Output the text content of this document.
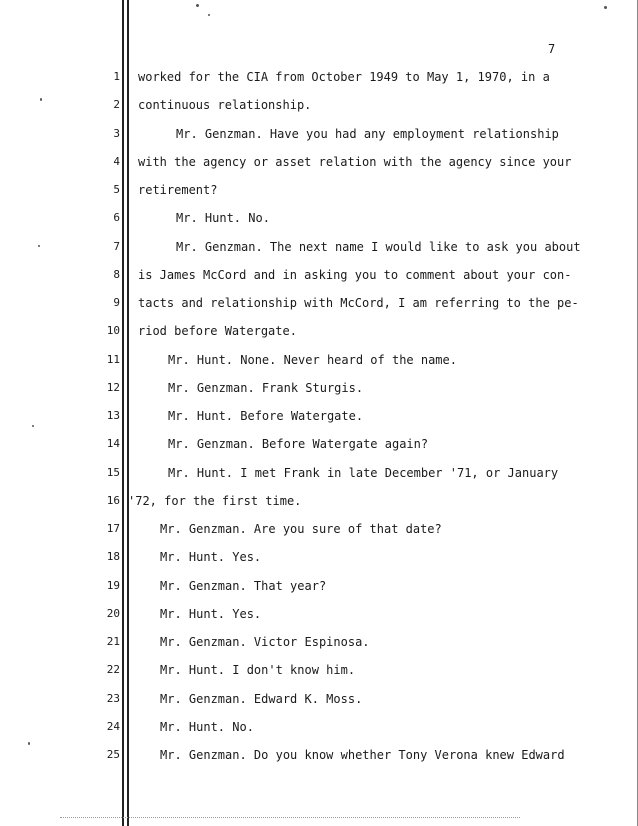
7
1 worked for the CIA from October 1949 to May 1, 1970, in a
2 continuous relationship.
3	Mr. Genzman. Have you had any employment relationship
4 with the agency or asset relation with the agency since your
5 retirement?
6	Mr. Hunt. No.
7	Mr. Genzman. The next name I would like to ask you about
8 is James McCord and in asking you to comment about your con-
9 tacts and relationship with McCord, I am referring to the pe-
10 riod before Watergate.
11	Mr. Hunt. None. Never heard of the name.
12	Mr. Genzman. Frank Sturgis.
13	Mr. Hunt. Before Watergate.
14	Mr. Genzman. Before Watergate again?
15	Mr. Hunt. I met Frank in late December '71, or January
16 '72, for the first time.
17	Mr. Genzman. Are you sure of that date?
18	Mr. Hunt. Yes.
19	Mr. Genzman. That year?
20	Mr. Hunt. Yes.
21	Mr. Genzman. Victor Espinosa.
22	Mr. Hunt. I don't know him.
23	Mr. Genzman. Edward K. Moss.
24	Mr. Hunt. No.
25	Mr. Genzman. Do you know whether Tony Verona knew Edward
